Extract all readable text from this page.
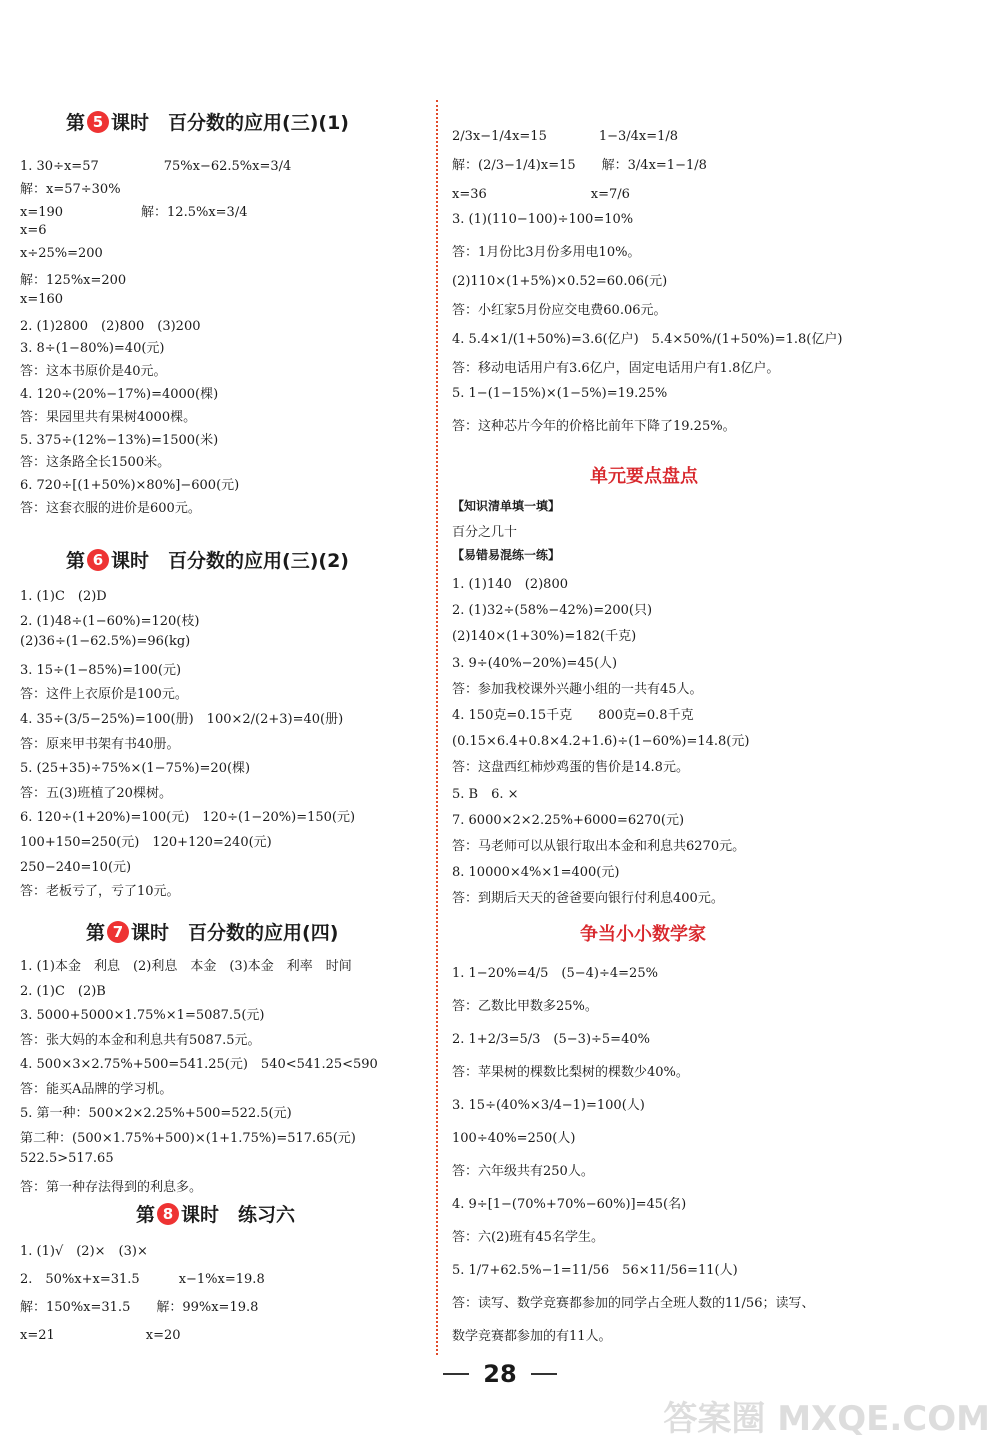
第 5 课时　百分数的应用(三)(1)
1. 30÷x=57　　　　　75%x−62.5%x=3/4
解：x=57÷30%
x=190　　　　　　解：12.5%x=3/4
x=6
x÷25%=200
解：125%x=200
x=160
2. (1)2800　(2)800　(3)200
3. 8÷(1−80%)=40(元)
答：这本书原价是40元。
4. 120÷(20%−17%)=4000(棵)
答：果园里共有果树4000棵。
5. 375÷(12%−13%)=1500(米)
答：这条路全长1500米。
6. 720÷[(1+50%)×80%]−600(元)
答：这套衣服的进价是600元。
第 6 课时　百分数的应用(三)(2)
1. (1)C　(2)D
2. (1)48÷(1−60%)=120(枝)
(2)36÷(1−62.5%)=96(kg)
3. 15÷(1−85%)=100(元)
答：这件上衣原价是100元。
4. 35÷(3/5−25%)=100(册)　100×2/(2+3)=40(册)
答：原来甲书架有书40册。
5. (25+35)÷75%×(1−75%)=20(棵)
答：五(3)班植了20棵树。
6. 120÷(1+20%)=100(元)　120÷(1−20%)=150(元)
100+150=250(元)　120+120=240(元)
250−240=10(元)
答：老板亏了，亏了10元。
第 7 课时　百分数的应用(四)
1. (1)本金　利息　(2)利息　本金　(3)本金　利率　时间
2. (1)C　(2)B
3. 5000+5000×1.75%×1=5087.5(元)
答：张大妈的本金和利息共有5087.5元。
4. 500×3×2.75%+500=541.25(元)　540<541.25<590
答：能买A品牌的学习机。
5. 第一种：500×2×2.25%+500=522.5(元)
第二种：(500×1.75%+500)×(1+1.75%)=517.65(元)
522.5>517.65
答：第一种存法得到的利息多。
第 8 课时　练习六
1. (1)√　(2)×　(3)×
2.　50%x+x=31.5　　　x−1%x=19.8
解：150%x=31.5　　解：99%x=19.8
x=21　　　　　　　x=20
2/3x−1/4x=15　　　　1−3/4x=1/8
解：(2/3−1/4)x=15　　解：3/4x=1−1/8
x=36　　　　　　　　x=7/6
3. (1)(110−100)÷100=10%
答：1月份比3月份多用电10%。
(2)110×(1+5%)×0.52=60.06(元)
答：小红家5月份应交电费60.06元。
4. 5.4×1/(1+50%)=3.6(亿户)　5.4×50%/(1+50%)=1.8(亿户)
答：移动电话用户有3.6亿户，固定电话用户有1.8亿户。
5. 1−(1−15%)×(1−5%)=19.25%
答：这种芯片今年的价格比前年下降了19.25%。
单元要点盘点
【知识清单填一填】
百分之几十
【易错易混练一练】
1. (1)140　(2)800
2. (1)32÷(58%−42%)=200(只)
(2)140×(1+30%)=182(千克)
3. 9÷(40%−20%)=45(人)
答：参加我校课外兴趣小组的一共有45人。
4. 150克=0.15千克　　800克=0.8千克
(0.15×6.4+0.8×4.2+1.6)÷(1−60%)=14.8(元)
答：这盘西红柿炒鸡蛋的售价是14.8元。
5. B　6. ×
7. 6000×2×2.25%+6000=6270(元)
答：马老师可以从银行取出本金和利息共6270元。
8. 10000×4%×1=400(元)
答：到期后天天的爸爸要向银行付利息400元。
争当小小数学家
1. 1−20%=4/5　(5−4)÷4=25%
答：乙数比甲数多25%。
2. 1+2/3=5/3　(5−3)÷5=40%
答：苹果树的棵数比梨树的棵数少40%。
3. 15÷(40%×3/4−1)=100(人)
100÷40%=250(人)
答：六年级共有250人。
4. 9÷[1−(70%+70%−60%)]=45(名)
答：六(2)班有45名学生。
5. 1/7+62.5%−1=11/56　56×11/56=11(人)
答：读写、数学竞赛都参加的同学占全班人数的11/56；读写、
数学竞赛都参加的有11人。
28
答案圈 MXQE.COM
